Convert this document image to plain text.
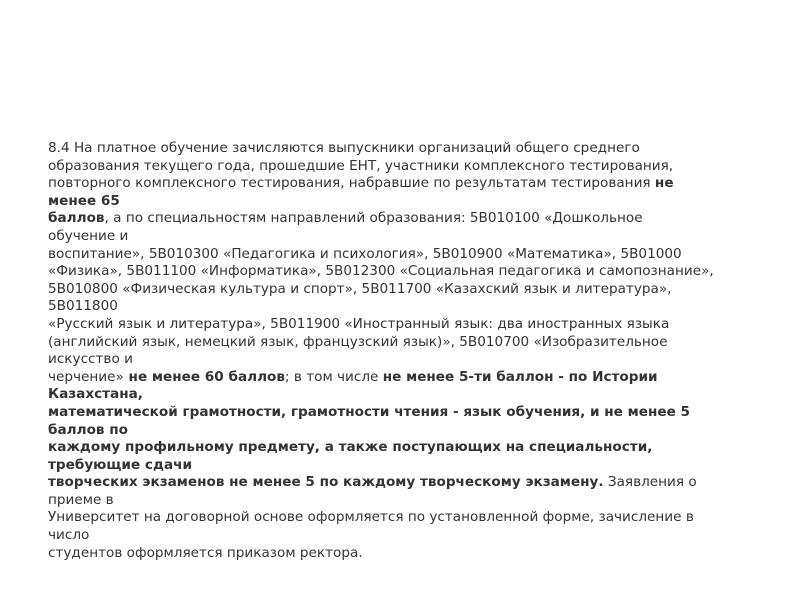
8.4 На платное обучение зачисляются выпускники организаций общего среднего
образования текущего года, прошедшие ЕНТ, участники комплексного тестирования,
повторного комплексного тестирования, набравшие по результатам тестирования не
менее 65
баллов, а по специальностям направлений образования: 5В010100 «Дошкольное
обучение и
воспитание», 5В010300 «Педагогика и психология», 5В010900 «Математика», 5В01000
«Физика», 5В011100 «Информатика», 5В012300 «Социальная педагогика и самопознание»,
5В010800 «Физическая культура и спорт», 5В011700 «Казахский язык и литература»,
5В011800
«Русский язык и литература», 5В011900 «Иностранный язык: два иностранных языка
(английский язык, немецкий язык, французский язык)», 5В010700 «Изобразительное
искусство и
черчение» не менее 60 баллов; в том числе не менее 5-ти баллон - по Истории
Казахстана,
математической грамотности, грамотности чтения - язык обучения, и не менее 5
баллов по
каждому профильному предмету, а также поступающих на специальности,
требующие сдачи
творческих экзаменов не менее 5 по каждому творческому экзамену. Заявления о
приеме в
Университет на договорной основе оформляется по установленной форме, зачисление в
число
студентов оформляется приказом ректора.
